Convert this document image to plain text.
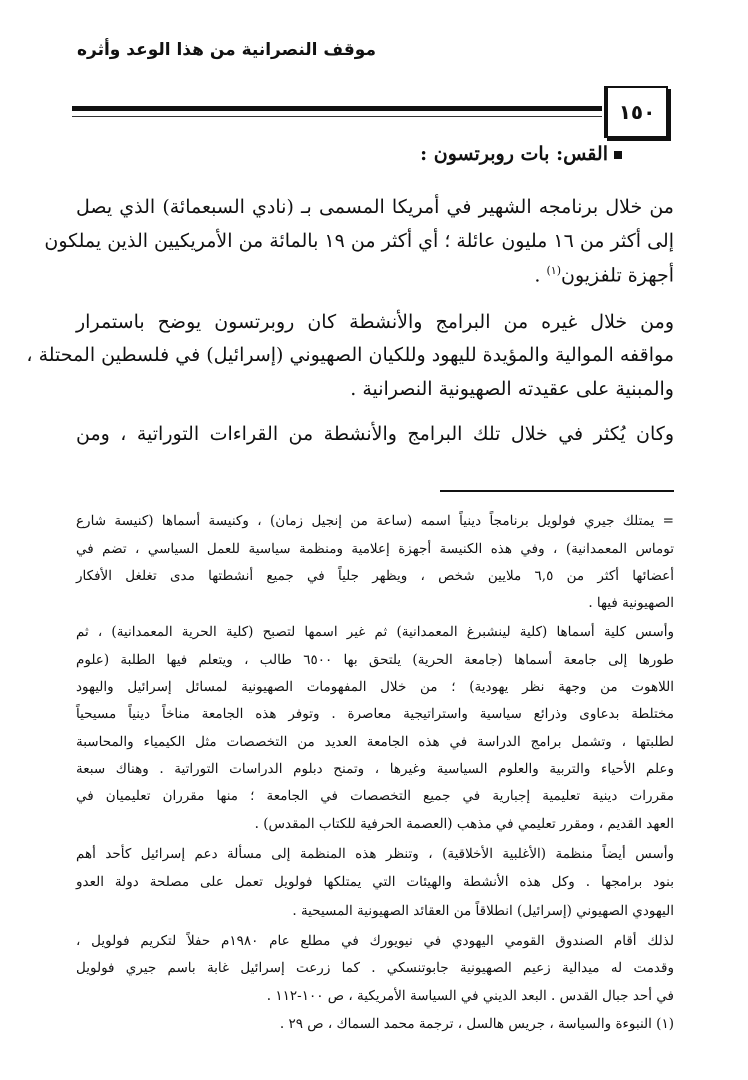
موقف النصرانية من هذا الوعد وأثره
١٥٠
القس: بات روبرتسون :
من خلال برنامجه الشهير في أمريكا المسمى بـ (نادي السبعمائة) الذي يصل
إلى أكثر من ١٦ مليون عائلة ؛ أي أكثر من ١٩ بالمائة من الأمريكيين الذين يملكون
أجهزة تلفزيون$^{(١)}$ .
ومن خلال غيره من البرامج والأنشطة كان روبرتسون يوضح باستمرار
مواقفه الموالية والمؤيدة لليهود وللكيان الصهيوني (إسرائيل) في فلسطين المحتلة ،
والمبنية على عقيدته الصهيونية النصرانية .
وكان يُكثر في خلال تلك البرامج والأنشطة من القراءات التوراتية ، ومن
= يمتلك جيري فولويل برنامجاً دينياً اسمه (ساعة من إنجيل زمان) ، وكنيسة أسماها (كنيسة شارع
توماس المعمدانية) ، وفي هذه الكنيسة أجهزة إعلامية ومنظمة سياسية للعمل السياسي ، تضم في
أعضائها أكثر من ٦,٥ ملايين شخص ، ويظهر جلياً في جميع أنشطتها مدى تغلغل الأفكار
الصهيونية فيها .
وأسس كلية أسماها (كلية لينشبرغ المعمدانية) ثم غير اسمها لتصبح (كلية الحرية المعمدانية) ، ثم
طورها إلى جامعة أسماها (جامعة الحرية) يلتحق بها ٦٥٠٠ طالب ، ويتعلم فيها الطلبة (علوم
اللاهوت من وجهة نظر يهودية) ؛ من خلال المفهومات الصهيونية لمسائل إسرائيل واليهود
مختلطة بدعاوى وذرائع سياسية واستراتيجية معاصرة . وتوفر هذه الجامعة مناخاً دينياً مسيحياً
لطلبتها ، وتشمل برامج الدراسة في هذه الجامعة العديد من التخصصات مثل الكيمياء والمحاسبة
وعلم الأحياء والتربية والعلوم السياسية وغيرها ، وتمنح دبلوم الدراسات التوراتية . وهناك سبعة
مقررات دينية تعليمية إجبارية في جميع التخصصات في الجامعة ؛ منها مقرران تعليميان في
العهد القديم ، ومقرر تعليمي في مذهب (العصمة الحرفية للكتاب المقدس) .
وأسس أيضاً منظمة (الأغلبية الأخلاقية) ، وتنظر هذه المنظمة إلى مسألة دعم إسرائيل كأحد أهم
بنود برامجها . وكل هذه الأنشطة والهيئات التي يمتلكها فولويل تعمل على مصلحة دولة العدو
اليهودي الصهيوني (إسرائيل) انطلاقاً من العقائد الصهيونية المسيحية .
لذلك أقام الصندوق القومي اليهودي في نيويورك في مطلع عام ١٩٨٠م حفلاً لتكريم فولويل ،
وقدمت له ميدالية زعيم الصهيونية جابوتنسكي . كما زرعت إسرائيل غابة باسم جيري فولويل
في أحد جبال القدس . البعد الديني في السياسة الأمريكية ، ص ١٠٠-١١٢ .
(١) النبوءة والسياسة ، جريس هالسل ، ترجمة محمد السماك ، ص ٢٩ .
